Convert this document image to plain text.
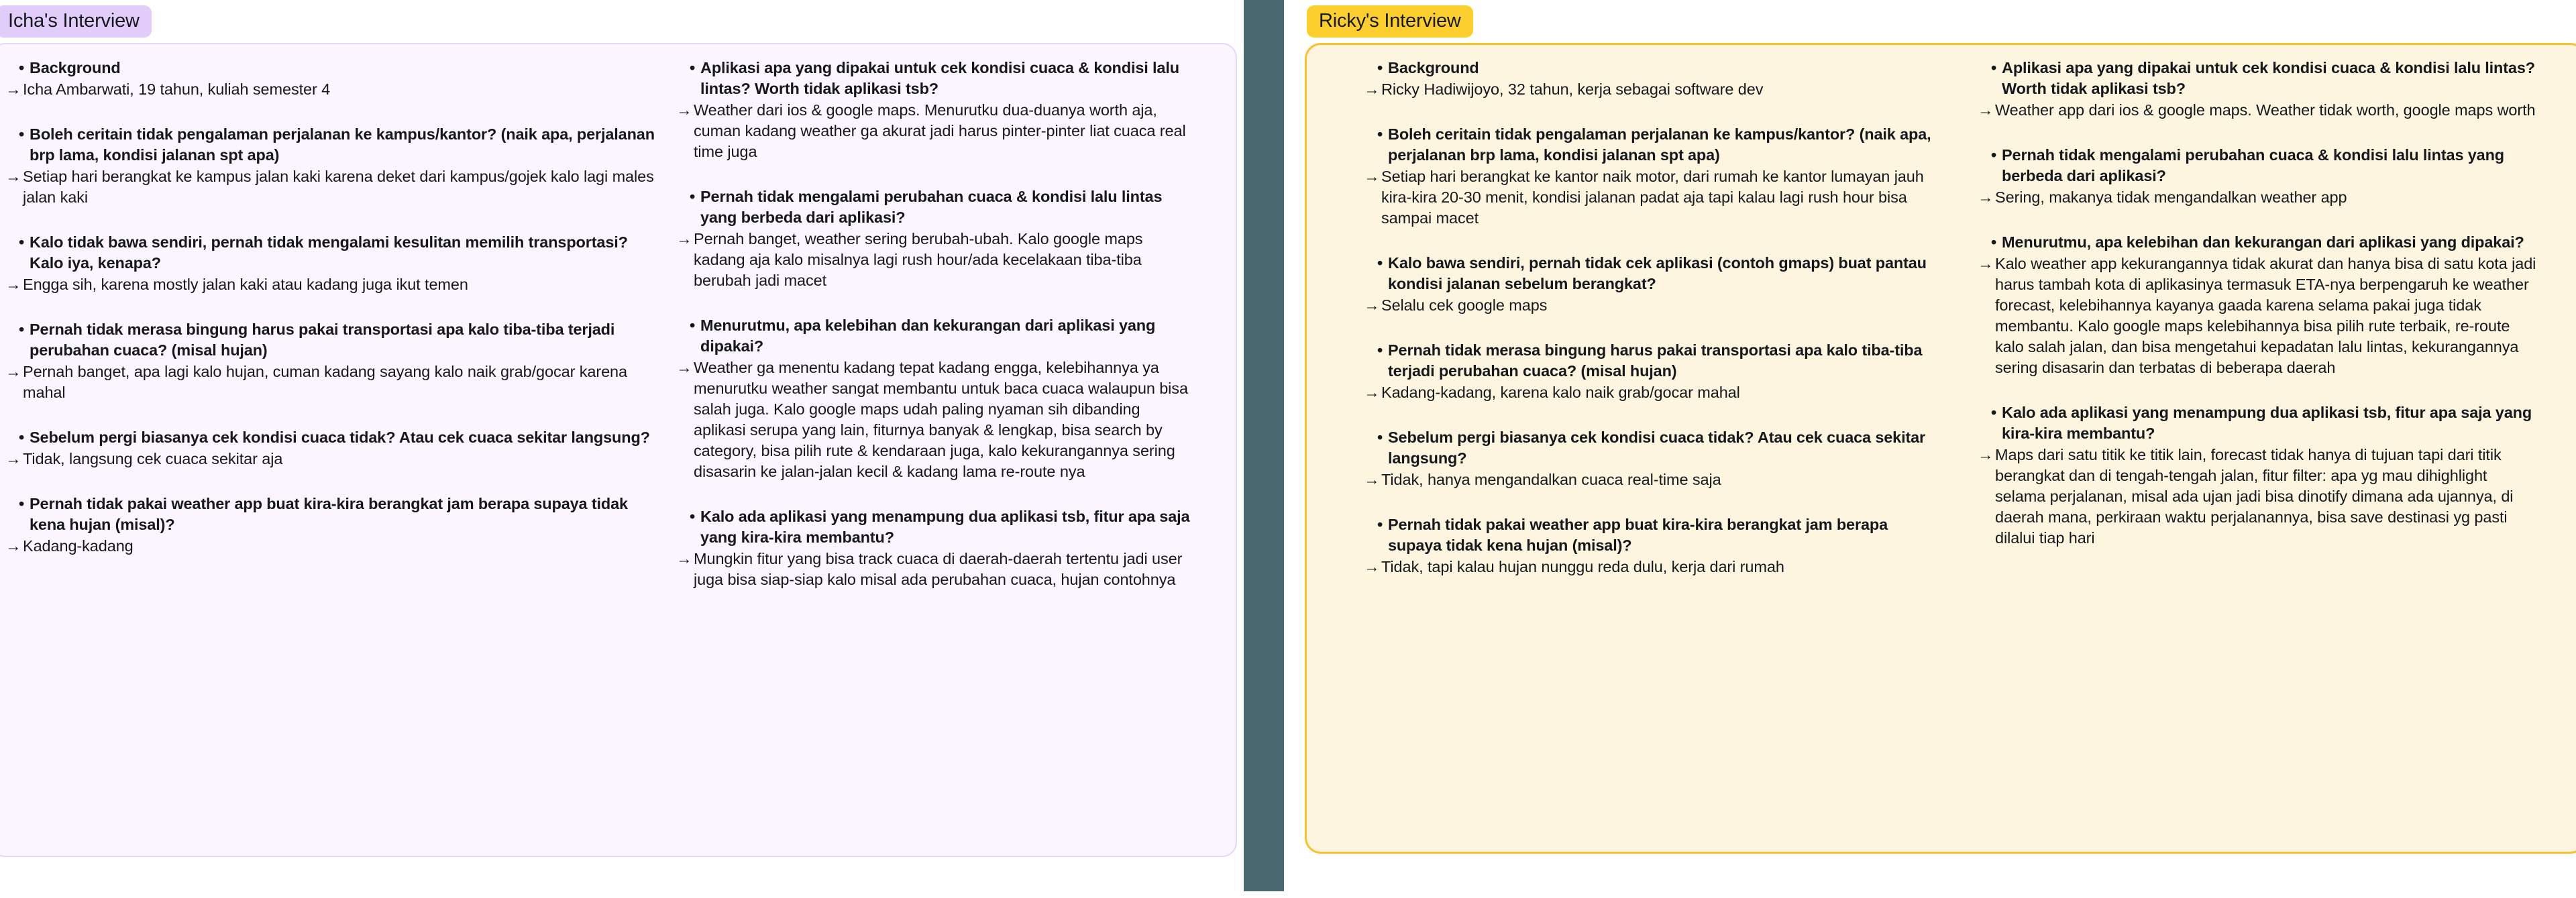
Icha's Interview
• Background
→ Icha Ambarwati, 19 tahun, kuliah semester 4
• Boleh ceritain tidak pengalaman perjalanan ke kampus/kantor? (naik apa, perjalanan brp lama, kondisi jalanan spt apa)
→ Setiap hari berangkat ke kampus jalan kaki karena deket dari kampus/gojek kalo lagi males jalan kaki
• Kalo tidak bawa sendiri, pernah tidak mengalami kesulitan memilih transportasi? Kalo iya, kenapa?
→ Engga sih, karena mostly jalan kaki atau kadang juga ikut temen
• Pernah tidak merasa bingung harus pakai transportasi apa kalo tiba-tiba terjadi perubahan cuaca? (misal hujan)
→ Pernah banget, apa lagi kalo hujan, cuman kadang sayang kalo naik grab/gocar karena mahal
• Sebelum pergi biasanya cek kondisi cuaca tidak? Atau cek cuaca sekitar langsung?
→ Tidak, langsung cek cuaca sekitar aja
• Pernah tidak pakai weather app buat kira-kira berangkat jam berapa supaya tidak kena hujan (misal)?
→ Kadang-kadang
• Aplikasi apa yang dipakai untuk cek kondisi cuaca & kondisi lalu lintas? Worth tidak aplikasi tsb?
→ Weather dari ios & google maps. Menurutku dua-duanya worth aja, cuman kadang weather ga akurat jadi harus pinter-pinter liat cuaca real time juga
• Pernah tidak mengalami perubahan cuaca & kondisi lalu lintas yang berbeda dari aplikasi?
→ Pernah banget, weather sering berubah-ubah. Kalo google maps kadang aja kalo misalnya lagi rush hour/ada kecelakaan tiba-tiba berubah jadi macet
• Menurutmu, apa kelebihan dan kekurangan dari aplikasi yang dipakai?
→ Weather ga menentu kadang tepat kadang engga, kelebihannya ya menurutku weather sangat membantu untuk baca cuaca walaupun bisa salah juga. Kalo google maps udah paling nyaman sih dibanding aplikasi serupa yang lain, fiturnya banyak & lengkap, bisa search by category, bisa pilih rute & kendaraan juga, kalo kekurangannya sering disasarin ke jalan-jalan kecil & kadang lama re-route nya
• Kalo ada aplikasi yang menampung dua aplikasi tsb, fitur apa saja yang kira-kira membantu?
→ Mungkin fitur yang bisa track cuaca di daerah-daerah tertentu jadi user juga bisa siap-siap kalo misal ada perubahan cuaca, hujan contohnya
Ricky's Interview
• Background
→ Ricky Hadiwijoyo, 32 tahun, kerja sebagai software dev
• Boleh ceritain tidak pengalaman perjalanan ke kampus/kantor? (naik apa, perjalanan brp lama, kondisi jalanan spt apa)
→ Setiap hari berangkat ke kantor naik motor, dari rumah ke kantor lumayan jauh kira-kira 20-30 menit, kondisi jalanan padat aja tapi kalau lagi rush hour bisa sampai macet
• Kalo bawa sendiri, pernah tidak cek aplikasi (contoh gmaps) buat pantau kondisi jalanan sebelum berangkat?
→ Selalu cek google maps
• Pernah tidak merasa bingung harus pakai transportasi apa kalo tiba-tiba terjadi perubahan cuaca? (misal hujan)
→ Kadang-kadang, karena kalo naik grab/gocar mahal
• Sebelum pergi biasanya cek kondisi cuaca tidak? Atau cek cuaca sekitar langsung?
→ Tidak, hanya mengandalkan cuaca real-time saja
• Pernah tidak pakai weather app buat kira-kira berangkat jam berapa supaya tidak kena hujan (misal)?
→ Tidak, tapi kalau hujan nunggu reda dulu, kerja dari rumah
• Aplikasi apa yang dipakai untuk cek kondisi cuaca & kondisi lalu lintas? Worth tidak aplikasi tsb?
→ Weather app dari ios & google maps. Weather tidak worth, google maps worth
• Pernah tidak mengalami perubahan cuaca & kondisi lalu lintas yang berbeda dari aplikasi?
→ Sering, makanya tidak mengandalkan weather app
• Menurutmu, apa kelebihan dan kekurangan dari aplikasi yang dipakai?
→ Kalo weather app kekurangannya tidak akurat dan hanya bisa di satu kota jadi harus tambah kota di aplikasinya termasuk ETA-nya berpengaruh ke weather forecast, kelebihannya kayanya gaada karena selama pakai juga tidak membantu. Kalo google maps kelebihannya bisa pilih rute terbaik, re-route kalo salah jalan, dan bisa mengetahui kepadatan lalu lintas, kekurangannya sering disasarin dan terbatas di beberapa daerah
• Kalo ada aplikasi yang menampung dua aplikasi tsb, fitur apa saja yang kira-kira membantu?
→ Maps dari satu titik ke titik lain, forecast tidak hanya di tujuan tapi dari titik berangkat dan di tengah-tengah jalan, fitur filter: apa yg mau dihighlight selama perjalanan, misal ada ujan jadi bisa dinotify dimana ada ujannya, di daerah mana, perkiraan waktu perjalanannya, bisa save destinasi yg pasti dilalui tiap hari
